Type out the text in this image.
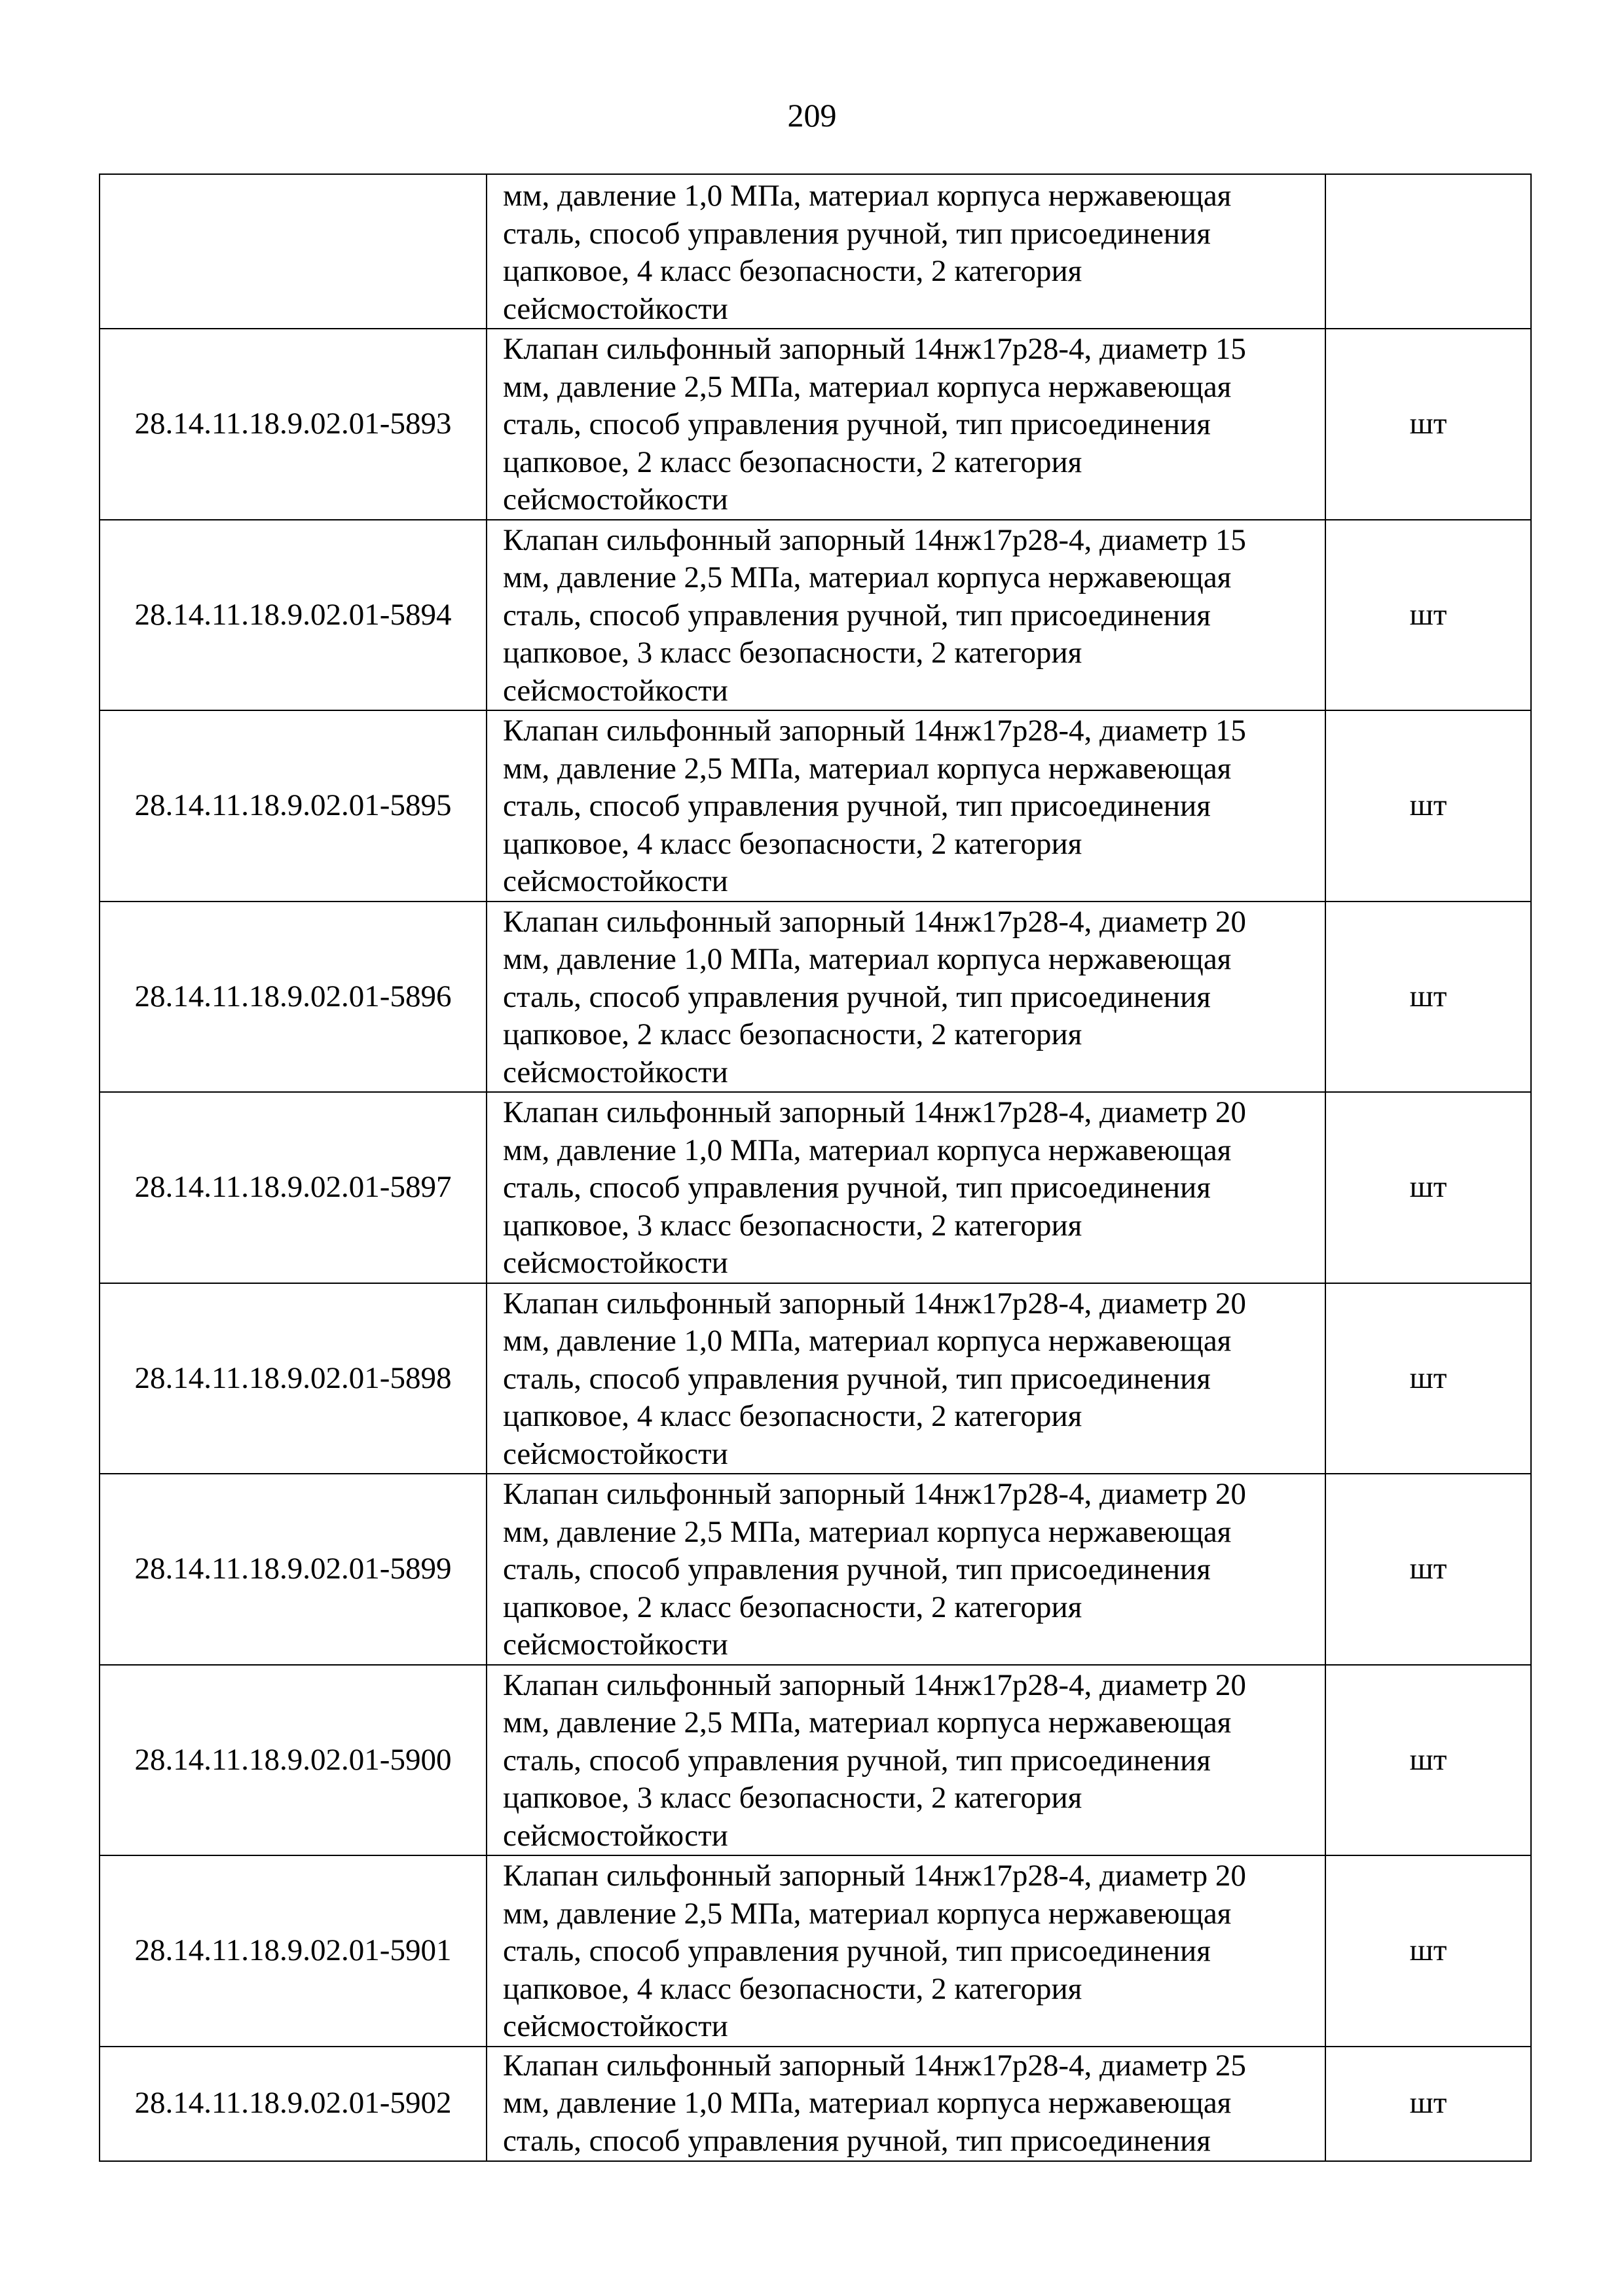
209

	мм, давление 1,0 МПа, материал корпуса нержавеющая
сталь, способ управления ручной, тип присоединения
цапковое, 4 класс безопасности, 2 категория
сейсмостойкости	

28.14.11.18.9.02.01-5893	Клапан сильфонный запорный 14нж17р28-4, диаметр 15
мм, давление 2,5 МПа, материал корпуса нержавеющая
сталь, способ управления ручной, тип присоединения
цапковое, 2 класс безопасности, 2 категория
сейсмостойкости	шт
28.14.11.18.9.02.01-5894	Клапан сильфонный запорный 14нж17р28-4, диаметр 15
мм, давление 2,5 МПа, материал корпуса нержавеющая
сталь, способ управления ручной, тип присоединения
цапковое, 3 класс безопасности, 2 категория
сейсмостойкости	шт
28.14.11.18.9.02.01-5895	Клапан сильфонный запорный 14нж17р28-4, диаметр 15
мм, давление 2,5 МПа, материал корпуса нержавеющая
сталь, способ управления ручной, тип присоединения
цапковое, 4 класс безопасности, 2 категория
сейсмостойкости	шт
28.14.11.18.9.02.01-5896	Клапан сильфонный запорный 14нж17р28-4, диаметр 20
мм, давление 1,0 МПа, материал корпуса нержавеющая
сталь, способ управления ручной, тип присоединения
цапковое, 2 класс безопасности, 2 категория
сейсмостойкости	шт
28.14.11.18.9.02.01-5897	Клапан сильфонный запорный 14нж17р28-4, диаметр 20
мм, давление 1,0 МПа, материал корпуса нержавеющая
сталь, способ управления ручной, тип присоединения
цапковое, 3 класс безопасности, 2 категория
сейсмостойкости	шт
28.14.11.18.9.02.01-5898	Клапан сильфонный запорный 14нж17р28-4, диаметр 20
мм, давление 1,0 МПа, материал корпуса нержавеющая
сталь, способ управления ручной, тип присоединения
цапковое, 4 класс безопасности, 2 категория
сейсмостойкости	шт
28.14.11.18.9.02.01-5899	Клапан сильфонный запорный 14нж17р28-4, диаметр 20
мм, давление 2,5 МПа, материал корпуса нержавеющая
сталь, способ управления ручной, тип присоединения
цапковое, 2 класс безопасности, 2 категория
сейсмостойкости	шт
28.14.11.18.9.02.01-5900	Клапан сильфонный запорный 14нж17р28-4, диаметр 20
мм, давление 2,5 МПа, материал корпуса нержавеющая
сталь, способ управления ручной, тип присоединения
цапковое, 3 класс безопасности, 2 категория
сейсмостойкости	шт
28.14.11.18.9.02.01-5901	Клапан сильфонный запорный 14нж17р28-4, диаметр 20
мм, давление 2,5 МПа, материал корпуса нержавеющая
сталь, способ управления ручной, тип присоединения
цапковое, 4 класс безопасности, 2 категория
сейсмостойкости	шт
28.14.11.18.9.02.01-5902	Клапан сильфонный запорный 14нж17р28-4, диаметр 25
мм, давление 1,0 МПа, материал корпуса нержавеющая
сталь, способ управления ручной, тип присоединения	шт
